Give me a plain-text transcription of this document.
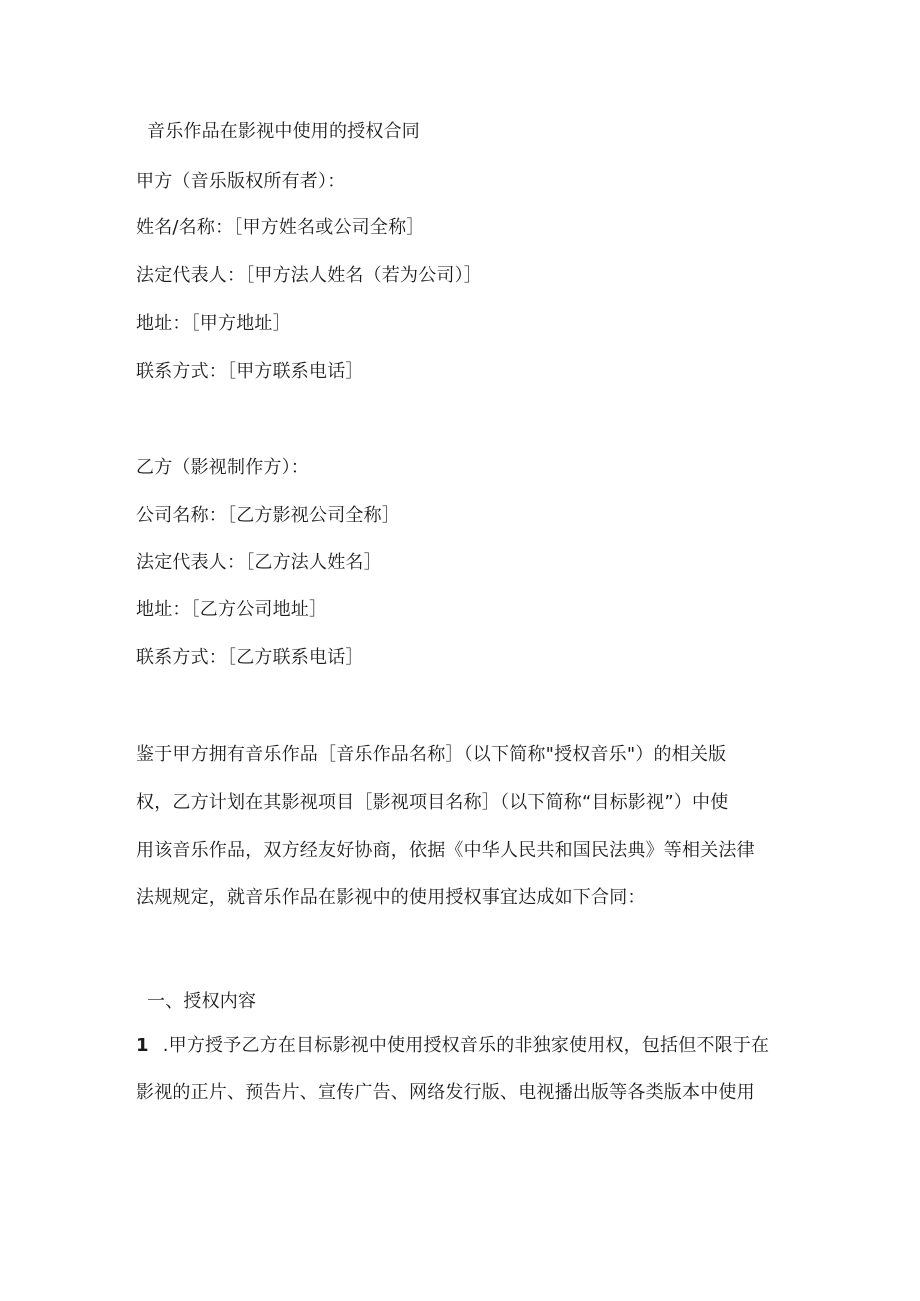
音乐作品在影视中使用的授权合同
甲方（音乐版权所有者）：
姓名/名称：［甲方姓名或公司全称］
法定代表人：［甲方法人姓名（若为公司）］
地址：［甲方地址］
联系方式：［甲方联系电话］
乙方（影视制作方）：
公司名称：［乙方影视公司全称］
法定代表人：［乙方法人姓名］
地址：［乙方公司地址］
联系方式：［乙方联系电话］
鉴于甲方拥有音乐作品［音乐作品名称］（以下简称"授权音乐"）的相关版
权，乙方计划在其影视项目［影视项目名称］（以下简称“目标影视”）中使
用该音乐作品，双方经友好协商，依据《中华人民共和国民法典》等相关法律
法规规定，就音乐作品在影视中的使用授权事宜达成如下合同：
一、授权内容
1 .甲方授予乙方在目标影视中使用授权音乐的非独家使用权，包括但不限于在
影视的正片、预告片、宣传广告、网络发行版、电视播出版等各类版本中使用
